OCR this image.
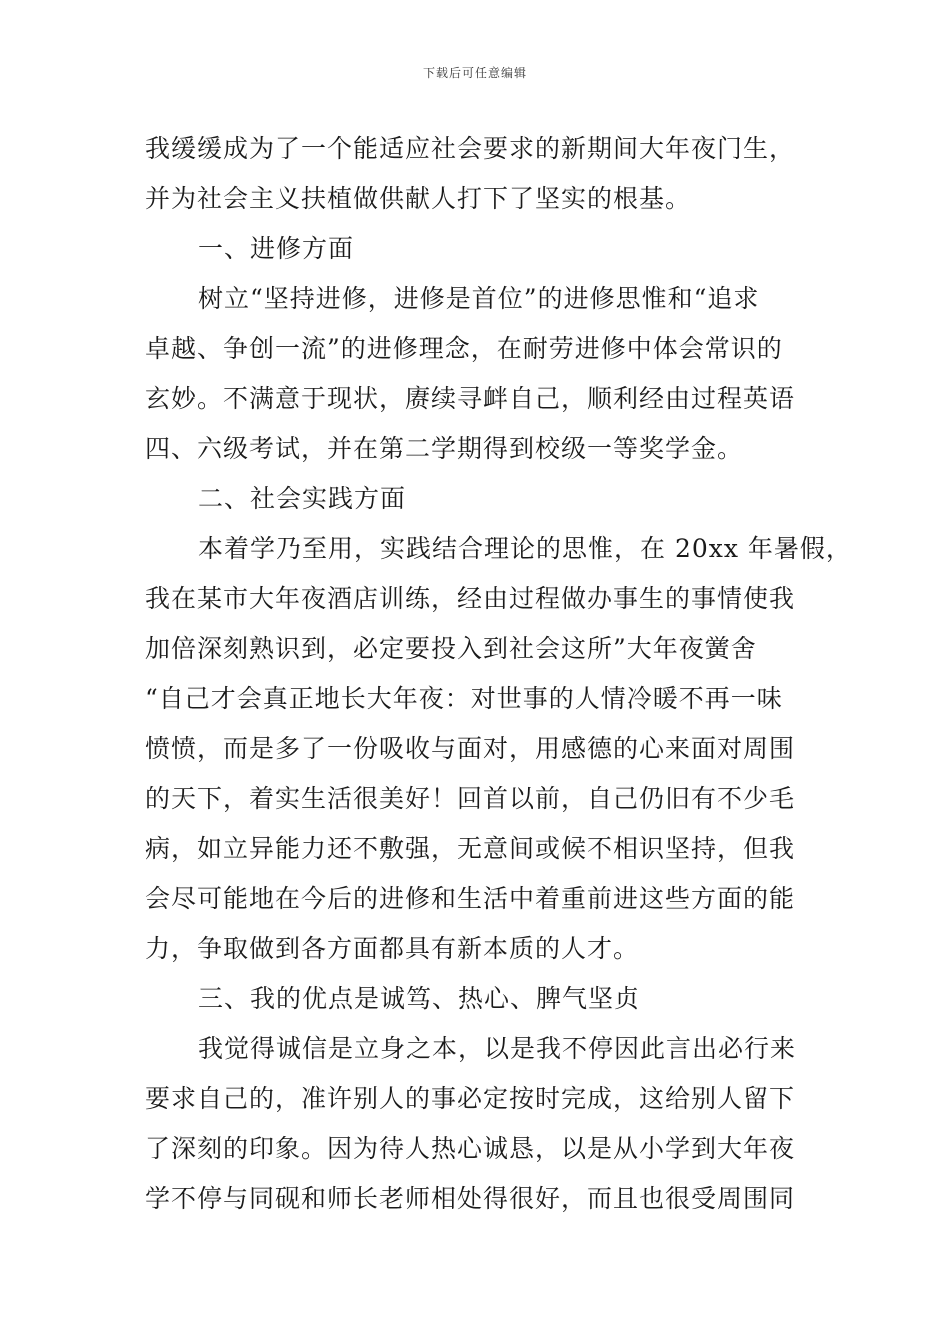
下载后可任意编辑
我缓缓成为了一个能适应社会要求的新期间大年夜门生，
并为社会主义扶植做供献人打下了坚实的根基。
一、进修方面
树立“坚持进修，进修是首位”的进修思惟和“追求
卓越、争创一流”的进修理念，在耐劳进修中体会常识的
玄妙。不满意于现状，赓续寻衅自己，顺利经由过程英语
四、六级考试，并在第二学期得到校级一等奖学金。
二、社会实践方面
本着学乃至用，实践结合理论的思惟，在 20xx 年暑假，
我在某市大年夜酒店训练，经由过程做办事生的事情使我
加倍深刻熟识到，必定要投入到社会这所”大年夜黉舍
“自己才会真正地长大年夜：对世事的人情冷暖不再一味
愤愤，而是多了一份吸收与面对，用感德的心来面对周围
的天下，着实生活很美好！回首以前，自己仍旧有不少毛
病，如立异能力还不敷强，无意间或候不相识坚持，但我
会尽可能地在今后的进修和生活中着重前进这些方面的能
力，争取做到各方面都具有新本质的人才。
三、我的优点是诚笃、热心、脾气坚贞
我觉得诚信是立身之本，以是我不停因此言出必行来
要求自己的，准许别人的事必定按时完成，这给别人留下
了深刻的印象。因为待人热心诚恳，以是从小学到大年夜
学不停与同砚和师长老师相处得很好，而且也很受周围同
